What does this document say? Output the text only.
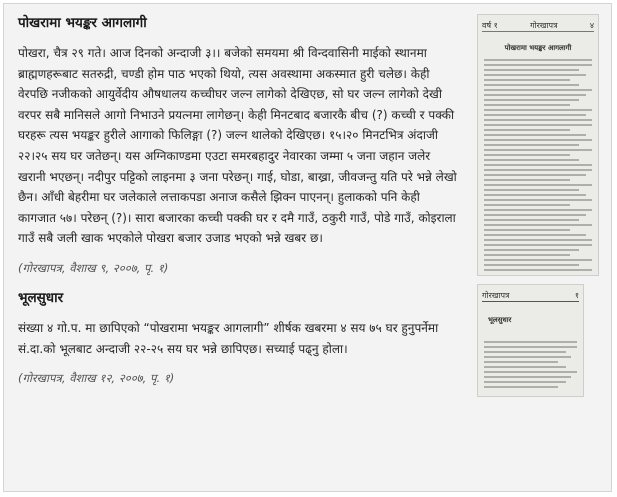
पोखरामा भयङ्कर आगलागी

पोखरा, चैत्र २९ गते। आज दिनको अन्दाजी ३।। बजेको समयमा श्री विन्दवासिनी माईको स्थानमा ब्राह्मणहरूबाट सतरुद्री, चण्डी होम पाठ भएको थियो, त्यस अवस्थामा अकस्मात हुरी चलेछ। केही वेरपछि नजीकको आयुर्वेदीय औषधालय कच्चीघर जल्न लागेको देखिएछ, सो घर जल्न लागेको देखी वरपर सबै मानिसले आगो निभाउने प्रयत्नमा लागेछन्। केही मिनटबाद बजारकै बीच (?) कच्ची र पक्की घरहरू त्यस भयङ्कर हुरीले आगाको फिलिङ्गा (?) जल्न थालेको देखिएछ। १५।२० मिनटभित्र अंदाजी २२।२५ सय घर जतेछन्। यस अग्निकाण्डमा एउटा समरबहादुर नेवारका जम्मा ५ जना जहान जलेर खरानी भएछन्। नदीपुर पट्टिको लाइनमा ३ जना परेछन्। गाई, घोडा, बाख्रा, जीवजन्तु यति परे भन्ने लेखो छैन। आँधी बेहरीमा घर जलेकाले लत्ताकपडा अनाज कसैले झिक्न पाएनन्। हुलाकको पनि केही कागजात ५७। परेछन् (?)। सारा बजारका कच्ची पक्की घर र दमै गाउँ, ठकुरी गाउँ, पोडे गाउँ, कोइराला गाउँ सबै जली खाक भएकोले पोखरा बजार उजाड भएको भन्ने खबर छ।

(गोरखापत्र, वैशाख ९, २००७, पृ. १)

भूलसुधार

संख्या ४ गो.प. मा छापिएको “पोखरामा भयङ्कर आगलागी” शीर्षक खबरमा ४ सय ७५ घर हुनुपर्नेमा सं.दा.को भूलबाट अन्दाजी २२-२५ सय घर भन्ने छापिएछ। सच्याई पढ्नु होला।

(गोरखापत्र, वैशाख १२, २००७, पृ. १)

वर्ष १	गोरखापत्र	४
पोखरामा भयङ्कर आगलागी
गोरखापत्र	१
भूलसुधार
